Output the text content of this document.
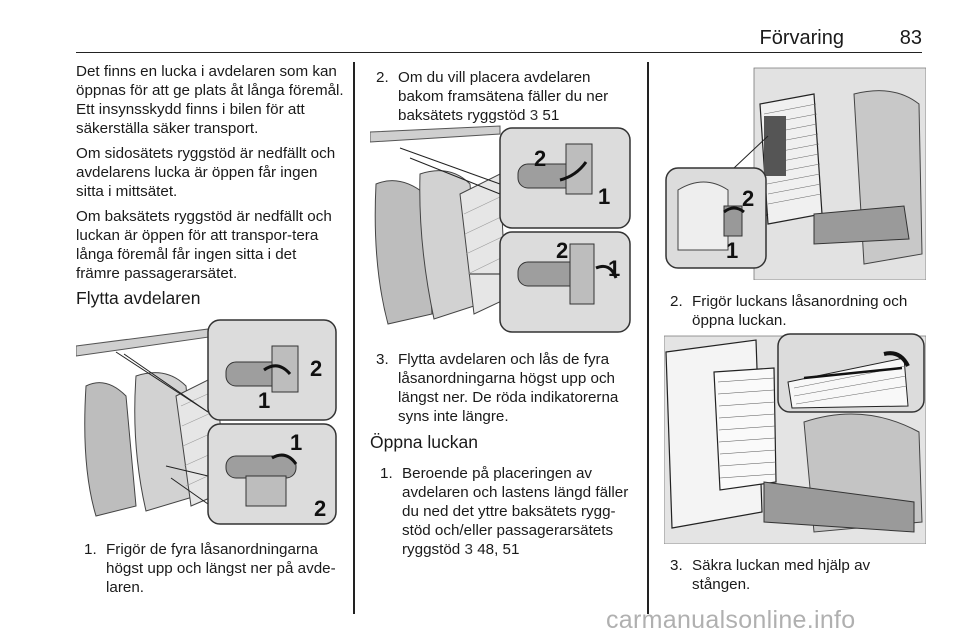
Förvaring	83

Det finns en lucka i avdelaren som kan öppnas för att ge plats åt långa föremål. Ett insynsskydd finns i bilen för att säkerställa säker transport.

Om sidosätets ryggstöd är nedfällt och avdelarens lucka är öppen får ingen sitta i mittsätet.

Om baksätets ryggstöd är nedfällt och luckan är öppen för att transpor-tera långa föremål får ingen sitta i det främre passagerarsätet.

Flytta avdelaren
2
1
1
2
1. Frigör de fyra låsanordningarna högst upp och längst ner på avde-laren.
2. Om du vill placera avdelaren bakom framsätena fäller du ner baksätets ryggstöd 3 51
2
1
2
1
3. Flytta avdelaren och lås de fyra låsanordningarna högst upp och längst ner. De röda indikatorerna syns inte längre.
Öppna luckan
1. Beroende på placeringen av avdelaren och lastens längd fäller du ned det yttre baksätets rygg-stöd och/eller passagerarsätets ryggstöd 3 48, 51
2
1
2. Frigör luckans låsanordning och öppna luckan.
3. Säkra luckan med hjälp av stången.
carmanualsonline.info
